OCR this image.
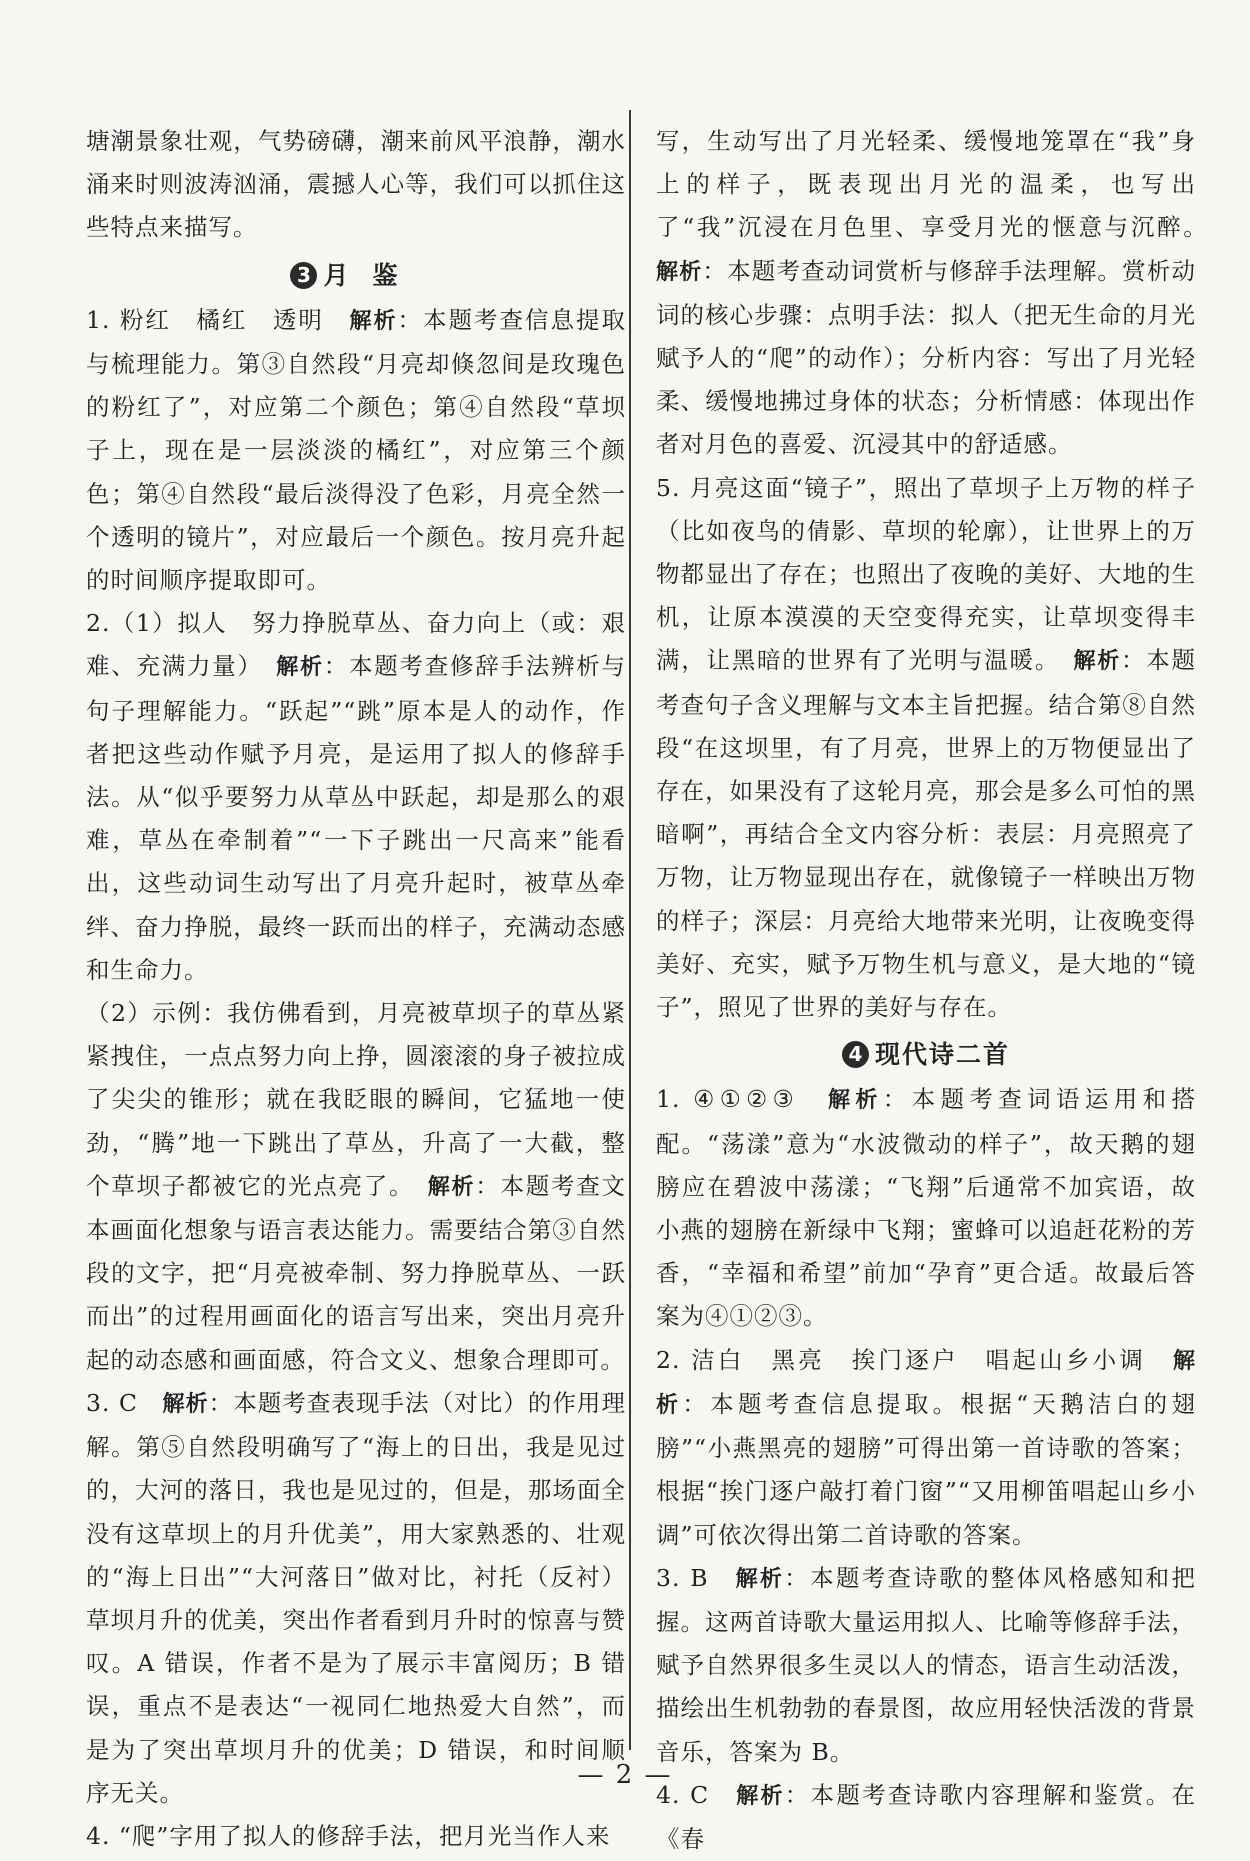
塘潮景象壮观，气势磅礴，潮来前风平浪静，潮水涌来时则波涛汹涌，震撼人心等，我们可以抓住这些特点来描写。

3 月鉴

1. 粉红　橘红　透明　解析：本题考查信息提取与梳理能力。第③自然段“月亮却倏忽间是玫瑰色的粉红了”，对应第二个颜色；第④自然段“草坝子上，现在是一层淡淡的橘红”，对应第三个颜色；第④自然段“最后淡得没了色彩，月亮全然一个透明的镜片”，对应最后一个颜色。按月亮升起的时间顺序提取即可。

2.（1）拟人　努力挣脱草丛、奋力向上（或：艰难、充满力量）　解析：本题考查修辞手法辨析与句子理解能力。“跃起”“跳”原本是人的动作，作者把这些动作赋予月亮，是运用了拟人的修辞手法。从“似乎要努力从草丛中跃起，却是那么的艰难，草丛在牵制着”“一下子跳出一尺高来”能看出，这些动词生动写出了月亮升起时，被草丛牵绊、奋力挣脱，最终一跃而出的样子，充满动态感和生命力。

（2）示例：我仿佛看到，月亮被草坝子的草丛紧紧拽住，一点点努力向上挣，圆滚滚的身子被拉成了尖尖的锥形；就在我眨眼的瞬间，它猛地一使劲，“腾”地一下跳出了草丛，升高了一大截，整个草坝子都被它的光点亮了。　解析：本题考查文本画面化想象与语言表达能力。需要结合第③自然段的文字，把“月亮被牵制、努力挣脱草丛、一跃而出”的过程用画面化的语言写出来，突出月亮升起的动态感和画面感，符合文义、想象合理即可。

3. C　解析：本题考查表现手法（对比）的作用理解。第⑤自然段明确写了“海上的日出，我是见过的，大河的落日，我也是见过的，但是，那场面全没有这草坝上的月升优美”，用大家熟悉的、壮观的“海上日出”“大河落日”做对比，衬托（反衬）草坝月升的优美，突出作者看到月升时的惊喜与赞叹。A 错误，作者不是为了展示丰富阅历；B 错误，重点不是表达“一视同仁地热爱大自然”，而是为了突出草坝月升的优美；D 错误，和时间顺序无关。

4. “爬”字用了拟人的修辞手法，把月光当作人来

写，生动写出了月光轻柔、缓慢地笼罩在“我”身上的样子，既表现出月光的温柔，也写出了“我”沉浸在月色里、享受月光的惬意与沉醉。　解析：本题考查动词赏析与修辞手法理解。赏析动词的核心步骤：点明手法：拟人（把无生命的月光赋予人的“爬”的动作）；分析内容：写出了月光轻柔、缓慢地拂过身体的状态；分析情感：体现出作者对月色的喜爱、沉浸其中的舒适感。

5. 月亮这面“镜子”，照出了草坝子上万物的样子（比如夜鸟的倩影、草坝的轮廓），让世界上的万物都显出了存在；也照出了夜晚的美好、大地的生机，让原本漠漠的天空变得充实，让草坝变得丰满，让黑暗的世界有了光明与温暖。　解析：本题考查句子含义理解与文本主旨把握。结合第⑧自然段“在这坝里，有了月亮，世界上的万物便显出了存在，如果没有了这轮月亮，那会是多么可怕的黑暗啊”，再结合全文内容分析：表层：月亮照亮了万物，让万物显现出存在，就像镜子一样映出万物的样子；深层：月亮给大地带来光明，让夜晚变得美好、充实，赋予万物生机与意义，是大地的“镜子”，照见了世界的美好与存在。

4 现代诗二首

1. ④①②③　解析：本题考查词语运用和搭配。“荡漾”意为“水波微动的样子”，故天鹅的翅膀应在碧波中荡漾；“飞翔”后通常不加宾语，故小燕的翅膀在新绿中飞翔；蜜蜂可以追赶花粉的芳香，“幸福和希望”前加“孕育”更合适。故最后答案为④①②③。

2. 洁白　黑亮　挨门逐户　唱起山乡小调　解析：本题考查信息提取。根据“天鹅洁白的翅膀”“小燕黑亮的翅膀”可得出第一首诗歌的答案；根据“挨门逐户敲打着门窗”“又用柳笛唱起山乡小调”可依次得出第二首诗歌的答案。

3. B　解析：本题考查诗歌的整体风格感知和把握。这两首诗歌大量运用拟人、比喻等修辞手法，赋予自然界很多生灵以人的情态，语言生动活泼，描绘出生机勃勃的春景图，故应用轻快活泼的背景音乐，答案为 B。

4. C　解析：本题考查诗歌内容理解和鉴赏。在《春

— 2 —
